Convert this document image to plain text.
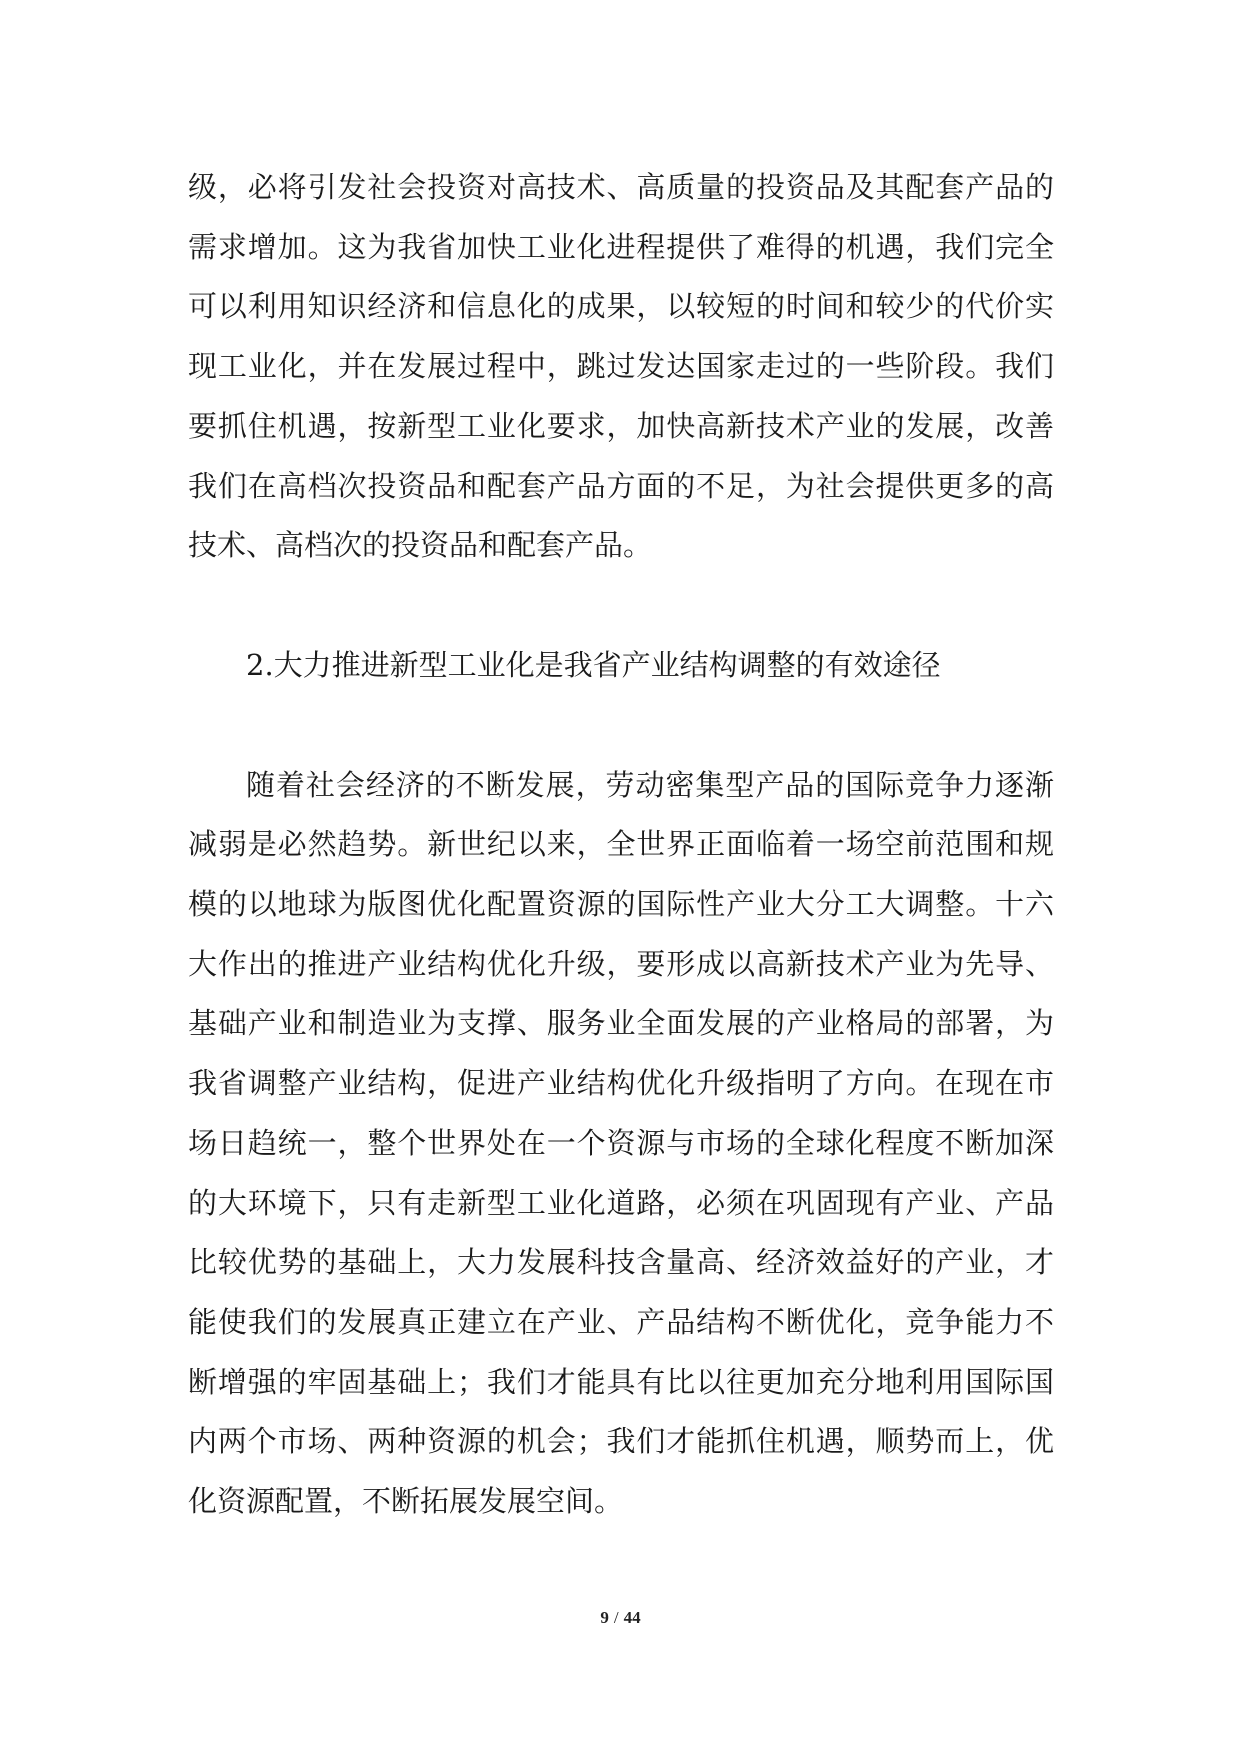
级，必将引发社会投资对高技术、高质量的投资品及其配套产品的需求增加。这为我省加快工业化进程提供了难得的机遇，我们完全可以利用知识经济和信息化的成果，以较短的时间和较少的代价实现工业化，并在发展过程中，跳过发达国家走过的一些阶段。我们要抓住机遇，按新型工业化要求，加快高新技术产业的发展，改善我们在高档次投资品和配套产品方面的不足，为社会提供更多的高技术、高档次的投资品和配套产品。

2.大力推进新型工业化是我省产业结构调整的有效途径

随着社会经济的不断发展，劳动密集型产品的国际竞争力逐渐减弱是必然趋势。新世纪以来，全世界正面临着一场空前范围和规模的以地球为版图优化配置资源的国际性产业大分工大调整。十六大作出的推进产业结构优化升级，要形成以高新技术产业为先导、基础产业和制造业为支撑、服务业全面发展的产业格局的部署，为我省调整产业结构，促进产业结构优化升级指明了方向。在现在市场日趋统一，整个世界处在一个资源与市场的全球化程度不断加深的大环境下，只有走新型工业化道路，必须在巩固现有产业、产品比较优势的基础上，大力发展科技含量高、经济效益好的产业，才能使我们的发展真正建立在产业、产品结构不断优化，竞争能力不断增强的牢固基础上；我们才能具有比以往更加充分地利用国际国内两个市场、两种资源的机会；我们才能抓住机遇，顺势而上，优化资源配置，不断拓展发展空间。

9 / 44
